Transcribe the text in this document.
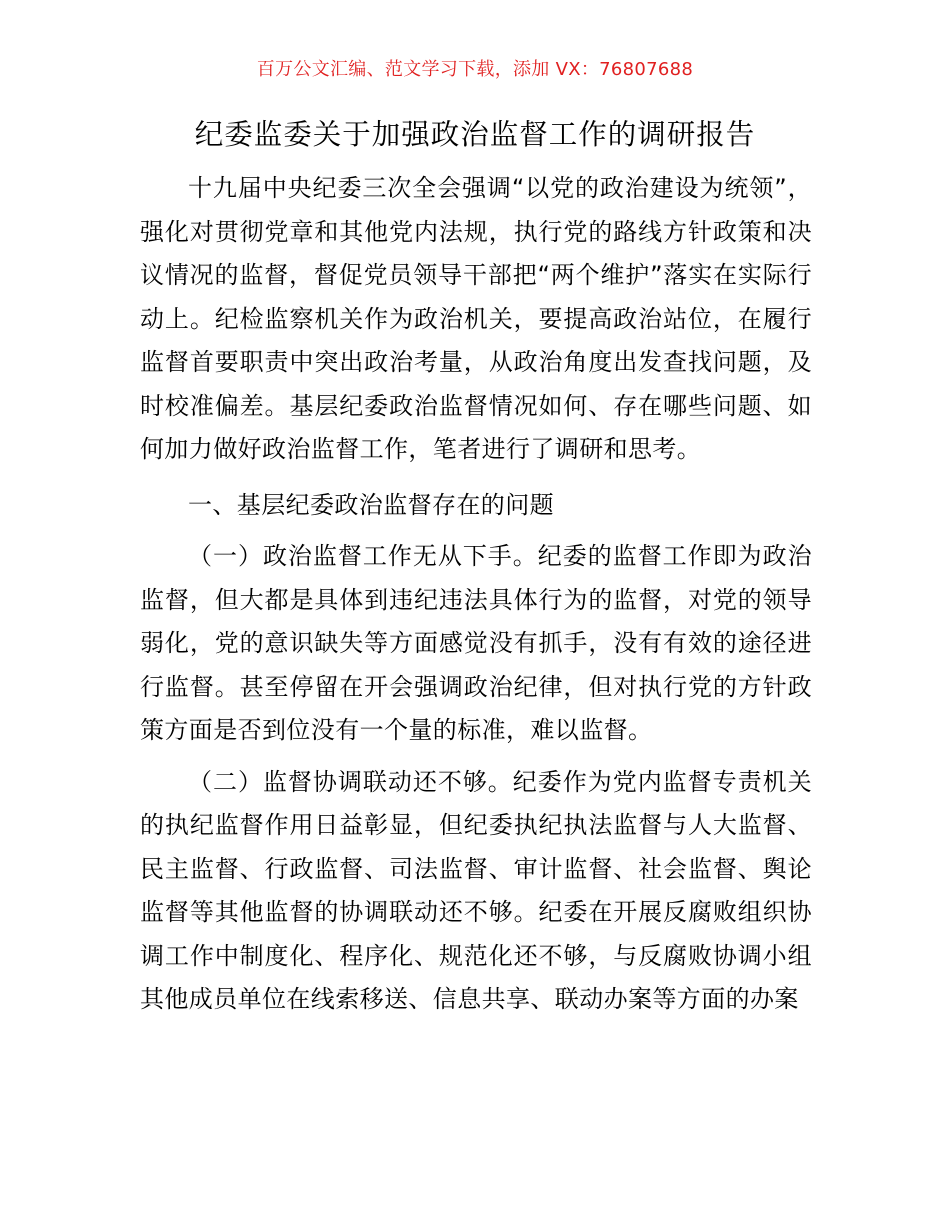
百万公文汇编、范文学习下载，添加 VX：76807688
纪委监委关于加强政治监督工作的调研报告

十九届中央纪委三次全会强调“以党的政治建设为统领”，强化对贯彻党章和其他党内法规，执行党的路线方针政策和决议情况的监督，督促党员领导干部把“两个维护”落实在实际行动上。纪检监察机关作为政治机关，要提高政治站位，在履行监督首要职责中突出政治考量，从政治角度出发查找问题，及时校准偏差。基层纪委政治监督情况如何、存在哪些问题、如何加力做好政治监督工作，笔者进行了调研和思考。

一、基层纪委政治监督存在的问题

（一）政治监督工作无从下手。纪委的监督工作即为政治监督，但大都是具体到违纪违法具体行为的监督，对党的领导弱化，党的意识缺失等方面感觉没有抓手，没有有效的途径进行监督。甚至停留在开会强调政治纪律，但对执行党的方针政策方面是否到位没有一个量的标准，难以监督。

（二）监督协调联动还不够。纪委作为党内监督专责机关的执纪监督作用日益彰显，但纪委执纪执法监督与人大监督、民主监督、行政监督、司法监督、审计监督、社会监督、舆论监督等其他监督的协调联动还不够。纪委在开展反腐败组织协调工作中制度化、程序化、规范化还不够，与反腐败协调小组其他成员单位在线索移送、信息共享、联动办案等方面的办案
